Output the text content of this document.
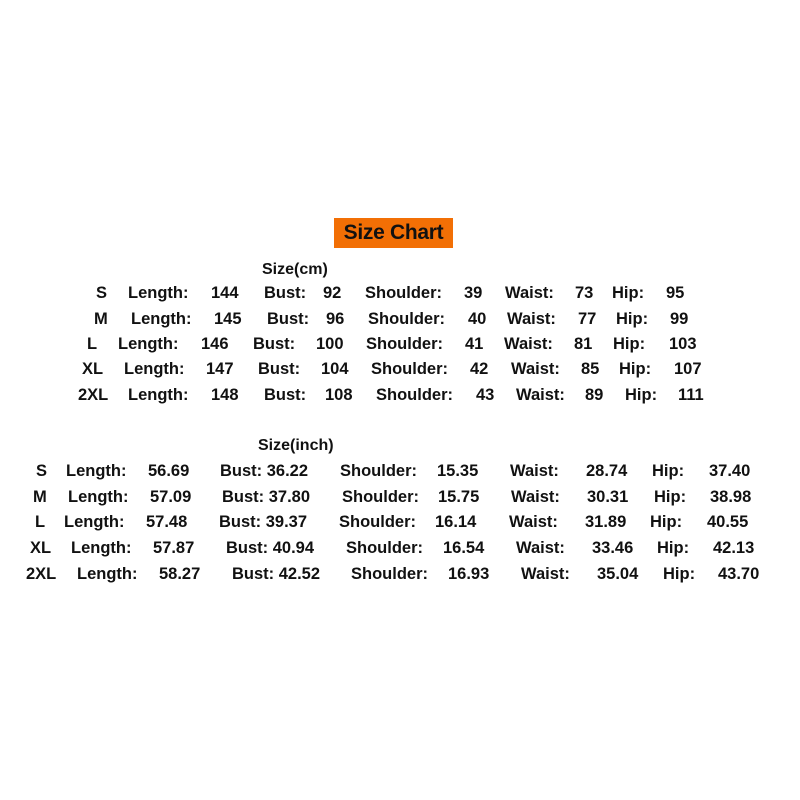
Size Chart
Size(cm)
S Length: 144 Bust: 92 Shoulder: 39 Waist: 73 Hip: 95
M Length: 145 Bust: 96 Shoulder: 40 Waist: 77 Hip: 99
L Length: 146 Bust: 100 Shoulder: 41 Waist: 81 Hip: 103
XL Length: 147 Bust: 104 Shoulder: 42 Waist: 85 Hip: 107
2XL Length: 148 Bust: 108 Shoulder: 43 Waist: 89 Hip: 111
Size(inch)
S Length: 56.69 Bust: 36.22 Shoulder: 15.35 Waist: 28.74 Hip: 37.40
M Length: 57.09 Bust: 37.80 Shoulder: 15.75 Waist: 30.31 Hip: 38.98
L Length: 57.48 Bust: 39.37 Shoulder: 16.14 Waist: 31.89 Hip: 40.55
XL Length: 57.87 Bust: 40.94 Shoulder: 16.54 Waist: 33.46 Hip: 42.13
2XL Length: 58.27 Bust: 42.52 Shoulder: 16.93 Waist: 35.04 Hip: 43.70
